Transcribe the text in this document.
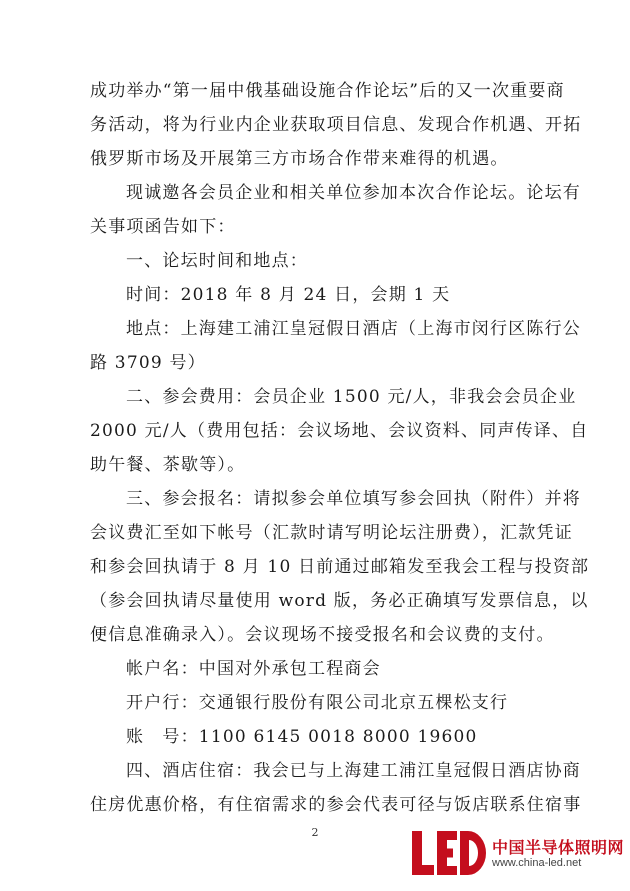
成功举办“第一届中俄基础设施合作论坛”后的又一次重要商

务活动，将为行业内企业获取项目信息、发现合作机遇、开拓

俄罗斯市场及开展第三方市场合作带来难得的机遇。

现诚邀各会员企业和相关单位参加本次合作论坛。论坛有

关事项函告如下：

一、论坛时间和地点：

时间：2018 年 8 月 24 日，会期 1 天

地点：上海建工浦江皇冠假日酒店（上海市闵行区陈行公

路 3709 号）

二、参会费用：会员企业 1500 元/人，非我会会员企业

2000 元/人（费用包括：会议场地、会议资料、同声传译、自

助午餐、茶歇等）。

三、参会报名：请拟参会单位填写参会回执（附件）并将

会议费汇至如下帐号（汇款时请写明论坛注册费），汇款凭证

和参会回执请于 8 月 10 日前通过邮箱发至我会工程与投资部

（参会回执请尽量使用 word 版，务必正确填写发票信息，以

便信息准确录入）。会议现场不接受报名和会议费的支付。

帐户名：中国对外承包工程商会

开户行：交通银行股份有限公司北京五棵松支行

账　号：1100 6145 0018 8000 19600

四、酒店住宿：我会已与上海建工浦江皇冠假日酒店协商

住房优惠价格，有住宿需求的参会代表可径与饭店联系住宿事

2
中国半导体照明网
www.china-led.net
